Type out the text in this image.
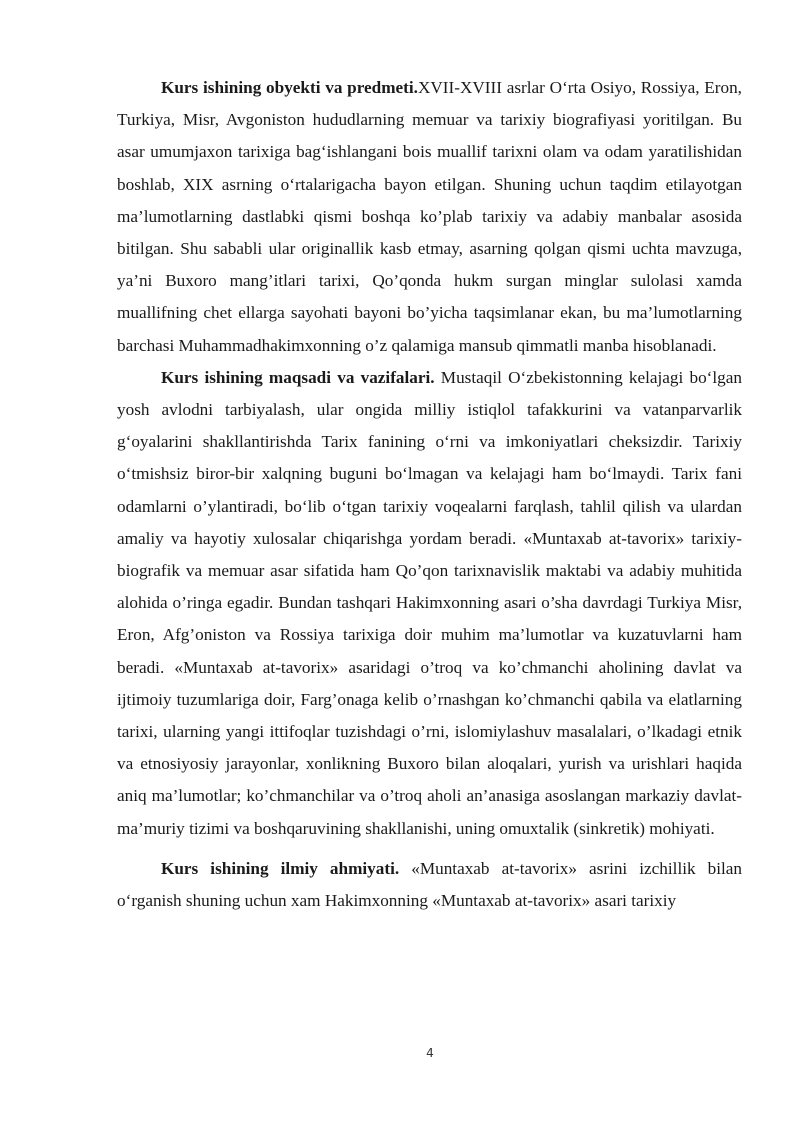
Kurs ishining obyekti va predmeti.XVII-XVIII asrlar O‘rta Osiyo, Rossiya, Eron, Turkiya, Misr, Avgoniston hududlarning memuar va tarixiy biografiyasi yoritilgan. Bu asar umumjaxon tarixiga bag‘ishlangani bois muallif tarixni olam va odam yaratilishidan boshlab, XIX asrning o‘rtalarigacha bayon etilgan. Shuning uchun taqdim etilayotgan ma’lumotlarning dastlabki qismi boshqa ko’plab tarixiy va adabiy manbalar asosida bitilgan. Shu sababli ular originallik kasb etmay, asarning qolgan qismi uchta mavzuga, ya’ni Buxoro mang’itlari tarixi, Qo’qonda hukm surgan minglar sulolasi xamda muallifning chet ellarga sayohati bayoni bo’yicha taqsimlanar ekan, bu ma’lumotlarning barchasi Muhammadhakimxonning o’z qalamiga mansub qimmatli manba hisoblanadi.

Kurs ishining maqsadi va vazifalari. Mustaqil O‘zbekistonning kelajagi bo‘lgan yosh avlodni tarbiyalash, ular ongida milliy istiqlol tafakkurini va vatanparvarlik g‘oyalarini shakllantirishda Tarix fanining o‘rni va imkoniyatlari cheksizdir. Tarixiy o‘tmishsiz biror-bir xalqning buguni bo‘lmagan va kelajagi ham bo‘lmaydi. Tarix fani odamlarni o’ylantiradi, bo‘lib o‘tgan tarixiy voqealarni farqlash, tahlil qilish va ulardan amaliy va hayotiy xulosalar chiqarishga yordam beradi. «Muntaxab at-tavorix» tarixiy-biografik va memuar asar sifatida ham Qo’qon tarixnavislik maktabi va adabiy muhitida alohida o’ringa egadir. Bundan tashqari Hakimxonning asari o’sha davrdagi Turkiya Misr, Eron, Afg’oniston va Rossiya tarixiga doir muhim ma’lumotlar va kuzatuvlarni ham beradi. «Muntaxab at-tavorix» asaridagi o’troq va ko’chmanchi aholining davlat va ijtimoiy tuzumlariga doir, Farg’onaga kelib o’rnashgan ko’chmanchi qabila va elatlarning tarixi, ularning yangi ittifoqlar tuzishdagi o’rni, islomiylashuv masalalari, o’lkadagi etnik va etnosiyosiy jarayonlar, xonlikning Buxoro bilan aloqalari, yurish va urishlari haqida aniq ma’lumotlar; ko’chmanchilar va o’troq aholi an’anasiga asoslangan markaziy davlat-ma’muriy tizimi va boshqaruvining shakllanishi, uning omuxtalik (sinkretik) mohiyati.

Kurs ishining ilmiy ahmiyati. «Muntaxab at-tavorix» asrini izchillik bilan o‘rganish shuning uchun xam Hakimxonning «Muntaxab at-tavorix» asari tarixiy

4
